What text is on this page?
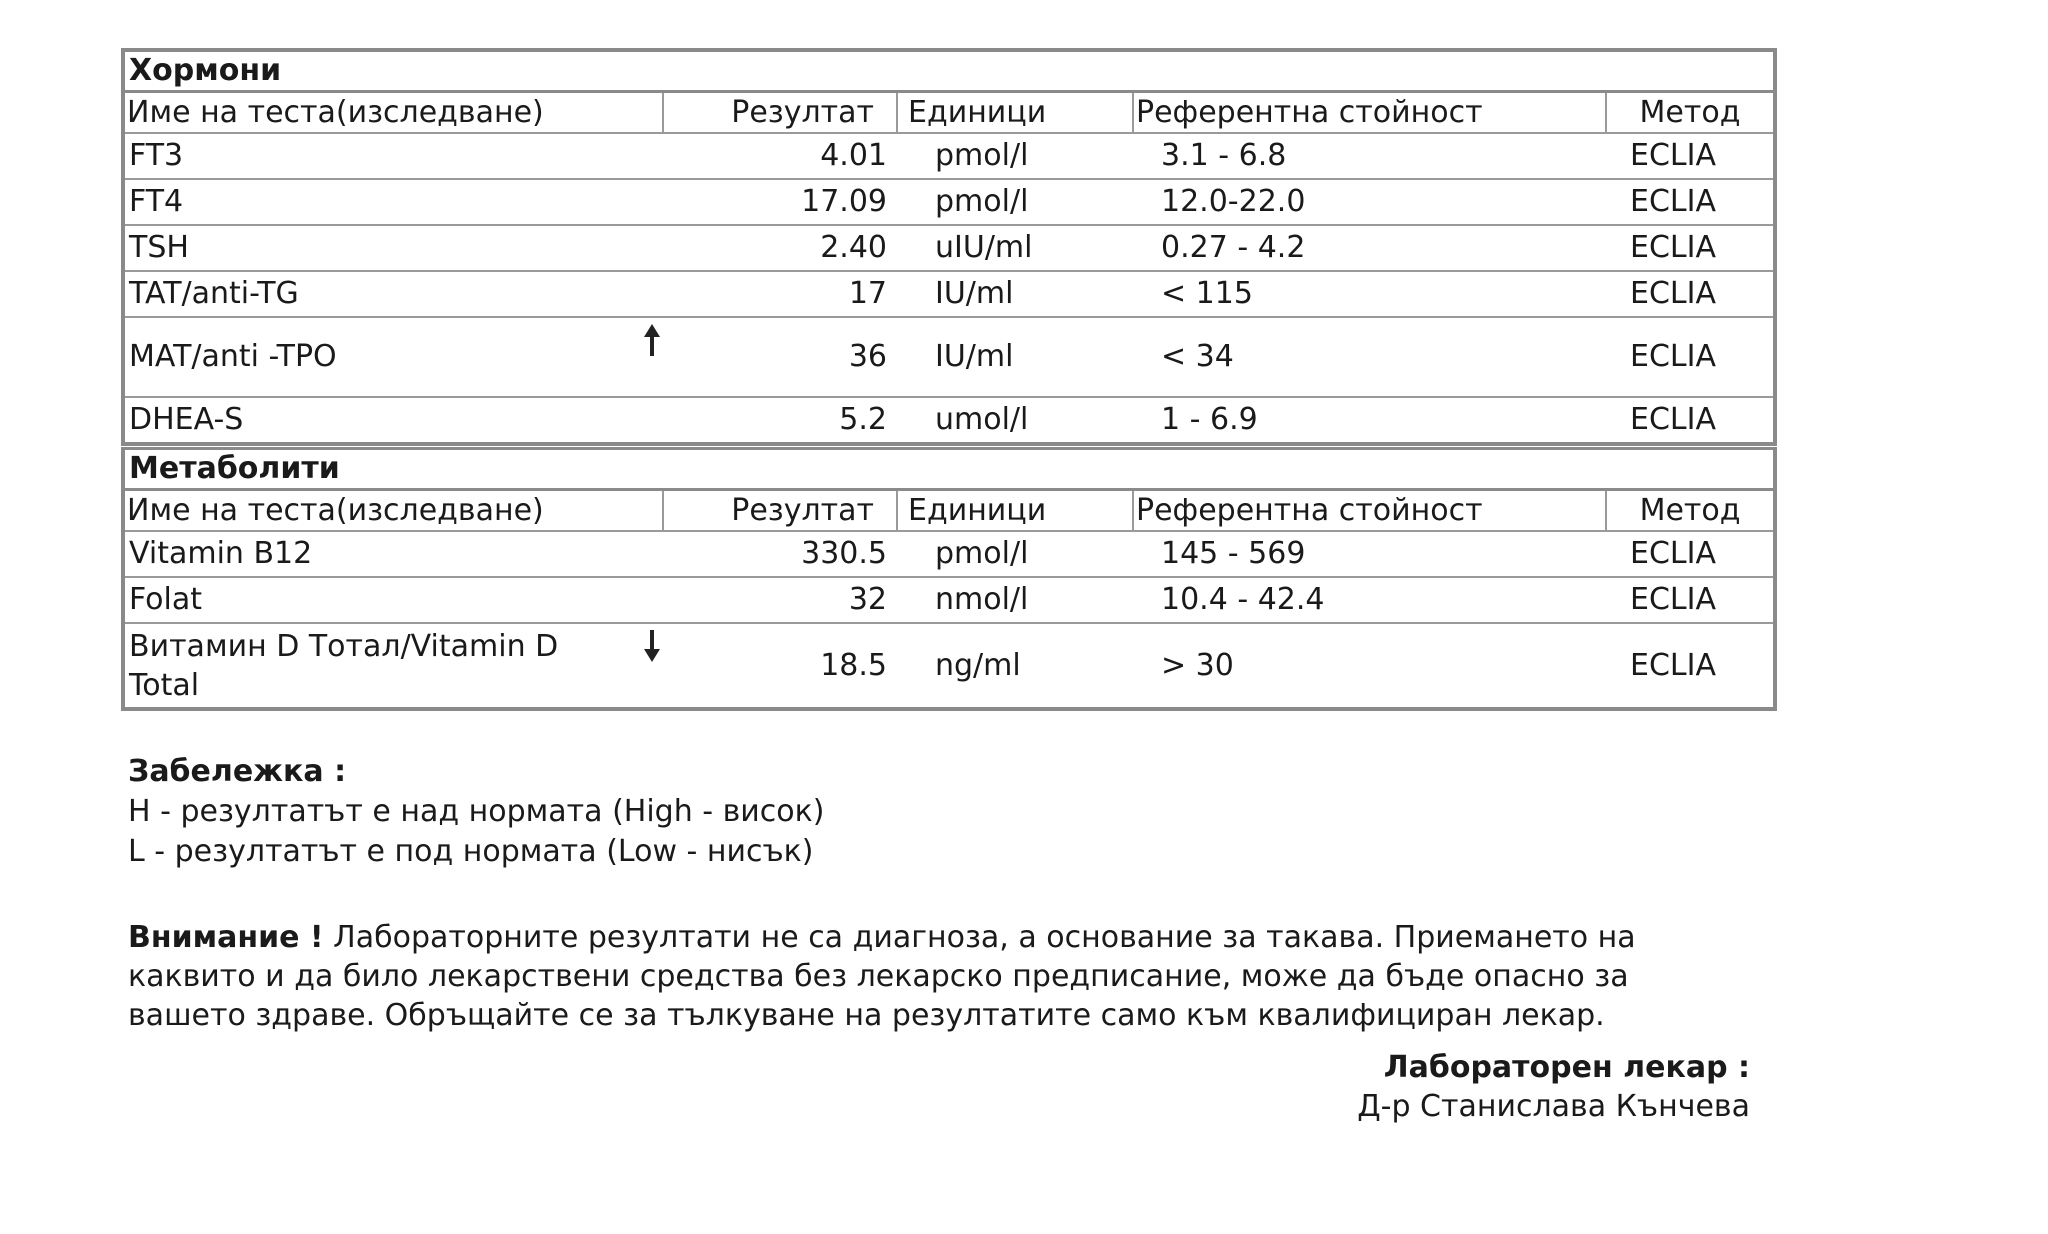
Хормони				
Име на теста(изследване)	Резултат	Единици	Референтна стойност	Метод
FT3	4.01	pmol/l	3.1 - 6.8	ECLIA
FT4	17.09	pmol/l	12.0-22.0	ECLIA
TSH	2.40	uIU/ml	0.27 - 4.2	ECLIA
TAT/anti-TG	17	IU/ml	< 115	ECLIA
MAT/anti -TPO	36	IU/ml	< 34	ECLIA
DHEA-S	5.2	umol/l	1 - 6.9	ECLIA
Метаболити				
Име на теста(изследване)	Резултат	Единици	Референтна стойност	Метод
Vitamin B12	330.5	pmol/l	145 - 569	ECLIA
Folat	32	nmol/l	10.4 - 42.4	ECLIA

Витамин D Тотал/Vitamin D Total	18.5	ng/ml	> 30	ECLIA
Забележка :
H - резултатът е над нормата (High - висок)
L - резултатът е под нормата (Low - нисък)
Внимание ! Лабораторните резултати не са диагноза, а основание за такава. Приемането на каквито и да било лекарствени средства без лекарско предписание, може да бъде опасно за вашето здраве. Обръщайте се за тълкуване на резултатите само към квалифициран лекар.
Лабораторен лекар :
Д-р Станислава Кънчева
